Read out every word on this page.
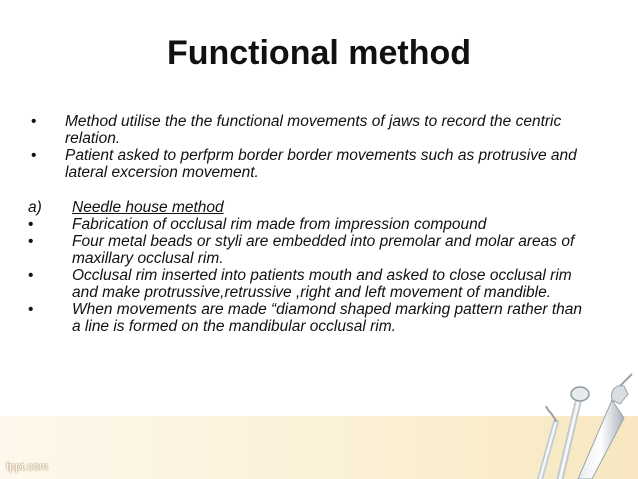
Functional method
•	Method utilise the the functional movements of jaws to record the centric relation.
•	Patient asked to perfprm border border movements such as protrusive and lateral excersion movement.
a)	Needle house method
•	Fabrication of occlusal rim made from impression compound
•	Four metal beads or styli are embedded into premolar and molar areas of maxillary occlusal rim.
•	Occlusal rim inserted into patients mouth and asked to close occlusal rim and make protrussive,retrussive ,right and left movement of mandible.
•	When movements are made “diamond shaped marking pattern rather than a line is formed on the mandibular occlusal rim.
fppt.com
